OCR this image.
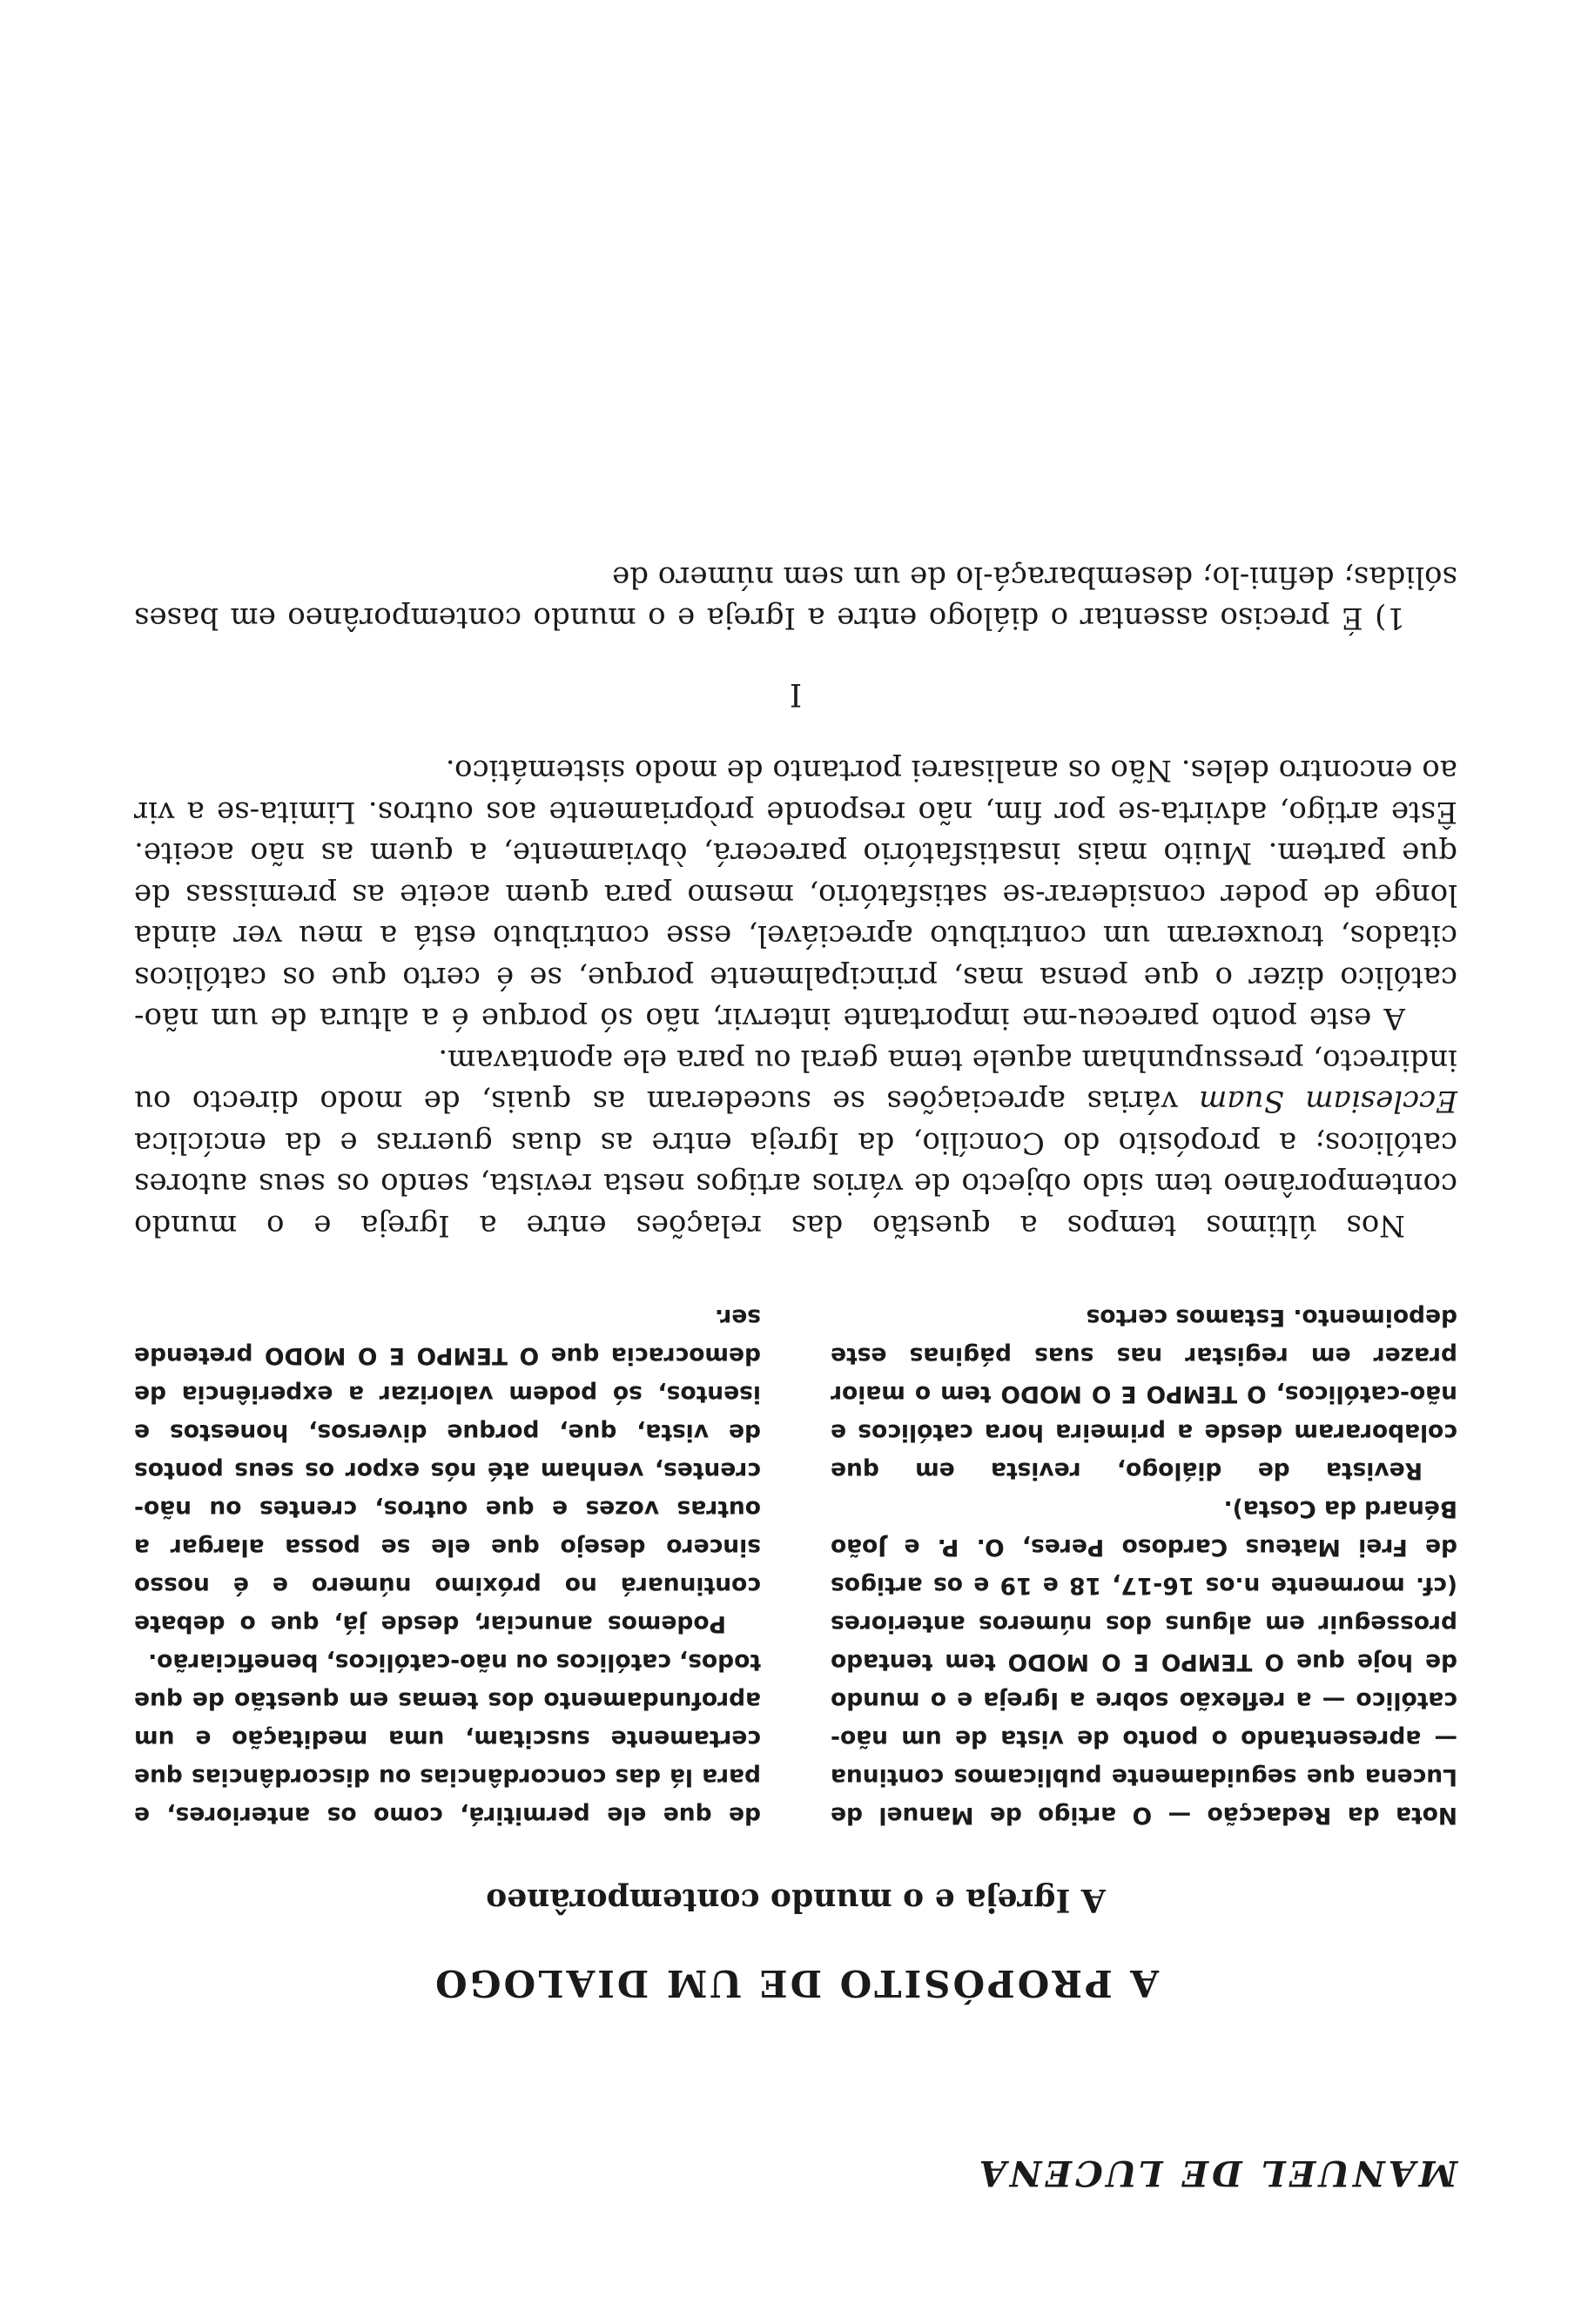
MANUEL DE LUCENA
A PROPÓSITO DE UM DIALOGO
A Igreja e o mundo contemporâneo

Nota da Redacção — O artigo de Manuel de Lucena que seguidamente publicamos continua — apresentando o ponto de vista de um não-católico — a reflexão sobre a Igreja e o mundo de hoje que O TEMPO E O MODO tem tentado prosseguir em alguns dos números anteriores (cf. mormente n.os 16-17, 18 e 19 e os artigos de Frei Mateus Cardoso Peres, O. P. e João Bénard da Costa).

Revista de diálogo, revista em que colaboraram desde a primeira hora católicos e não-católicos, O TEMPO E O MODO tem o maior prazer em registar nas suas páginas este depoimento. Estamos certos

de que ele permitirá, como os anteriores, e para lá das concordâncias ou discordâncias que certamente suscitam, uma meditação e um aprofundamento dos temas em questão de que todos, católicos ou não-católicos, beneficiarão.

Podemos anunciar, desde já, que o debate continuará no próximo número e é nosso sincero desejo que ele se possa alargar a outras vozes e que outros, crentes ou não-crentes, venham até nós expor os seus pontos de vista, que, porque diversos, honestos e isentos, só podem valorizar a experiência de democracia que O TEMPO E O MODO pretende ser.

Nos últimos tempos a questão das relações entre a Igreja e o mundo contemporâneo tem sido objecto de vários artigos nesta revista, sendo os seus autores católicos; a propósito do Concílio, da Igreja entre as duas guerras e da encíclica Ecclesiam Suam várias apreciações se sucederam as quais, de modo directo ou indirecto, pressupunham aquele tema geral ou para ele apontavam.

A este ponto pareceu-me importante intervir, não só porque é a altura de um não-católico dizer o que pensa mas, principalmente porque, se é certo que os católicos citados, trouxeram um contributo apreciável, esse contributo está a meu ver ainda longe de poder considerar-se satisfatório, mesmo para quem aceite as premissas de que partem. Muito mais insatisfatório parecerá, òbviamente, a quem as não aceite. Êste artigo, advirta-se por fim, não responde pròpriamente aos outros. Limita-se a vir ao encontro deles. Não os analisarei portanto de modo sistemático.

I

1) É preciso assentar o diálogo entre a Igreja e o mundo contemporâneo em bases sólidas; defini-lo; desembaraçá-lo de um sem número de
